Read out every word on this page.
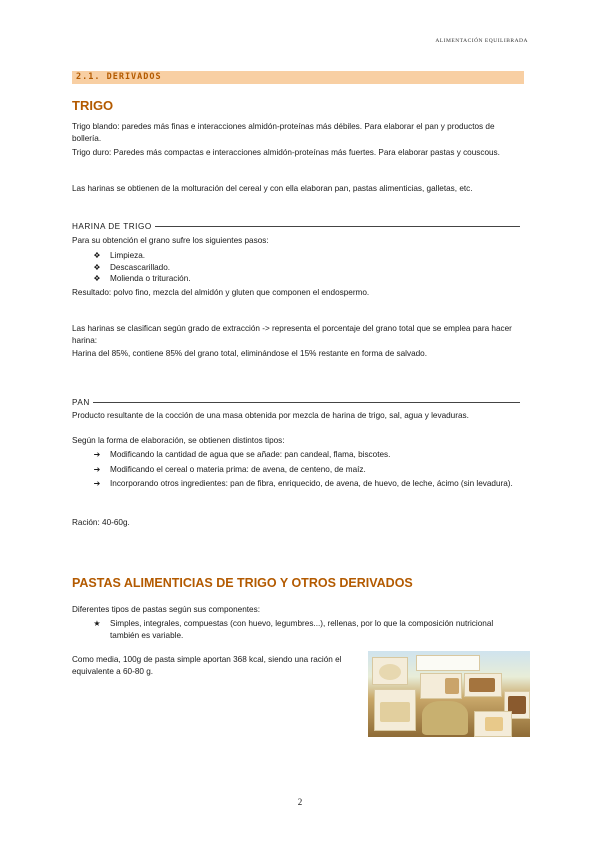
ALIMENTACIÓN EQUILIBRADA
2.1. DERIVADOS
TRIGO

Trigo blando: paredes más finas e interacciones almidón-proteínas más débiles. Para elaborar el pan y productos de bollería.

Trigo duro: Paredes más compactas e interacciones almidón-proteínas más fuertes. Para elaborar pastas y couscous.

Las harinas se obtienen de la molturación del cereal y con ella elaboran pan, pastas alimenticias, galletas, etc.

HARINA DE TRIGO

Para su obtención el grano sufre los siguientes pasos:

❖	Limpieza.
❖	Descascarillado.
❖	Molienda o trituración.

Resultado: polvo fino, mezcla del almidón y gluten que componen el endospermo.

Las harinas se clasifican según grado de extracción -> representa el porcentaje del grano total que se emplea para hacer harina:

Harina del 85%, contiene 85% del grano total, eliminándose el 15% restante en forma de salvado.

PAN

Producto resultante de la cocción de una masa obtenida por mezcla de harina de trigo, sal, agua y levaduras.

Según la forma de elaboración, se obtienen distintos tipos:

➔	Modificando la cantidad de agua que se añade: pan candeal, flama, biscotes.
➔	Modificando el cereal o materia prima: de avena, de centeno, de maíz.
➔	Incorporando otros ingredientes: pan de fibra, enriquecido, de avena, de huevo, de leche, ácimo (sin levadura).

Ración: 40-60g.

PASTAS ALIMENTICIAS DE TRIGO Y OTROS DERIVADOS

Diferentes tipos de pastas según sus componentes:

★	Simples, integrales, compuestas (con huevo, legumbres...), rellenas, por lo que la composición nutricional también es variable.

Como media, 100g de pasta simple aportan 368 kcal, siendo una ración el equivalente a 60-80 g.

2
